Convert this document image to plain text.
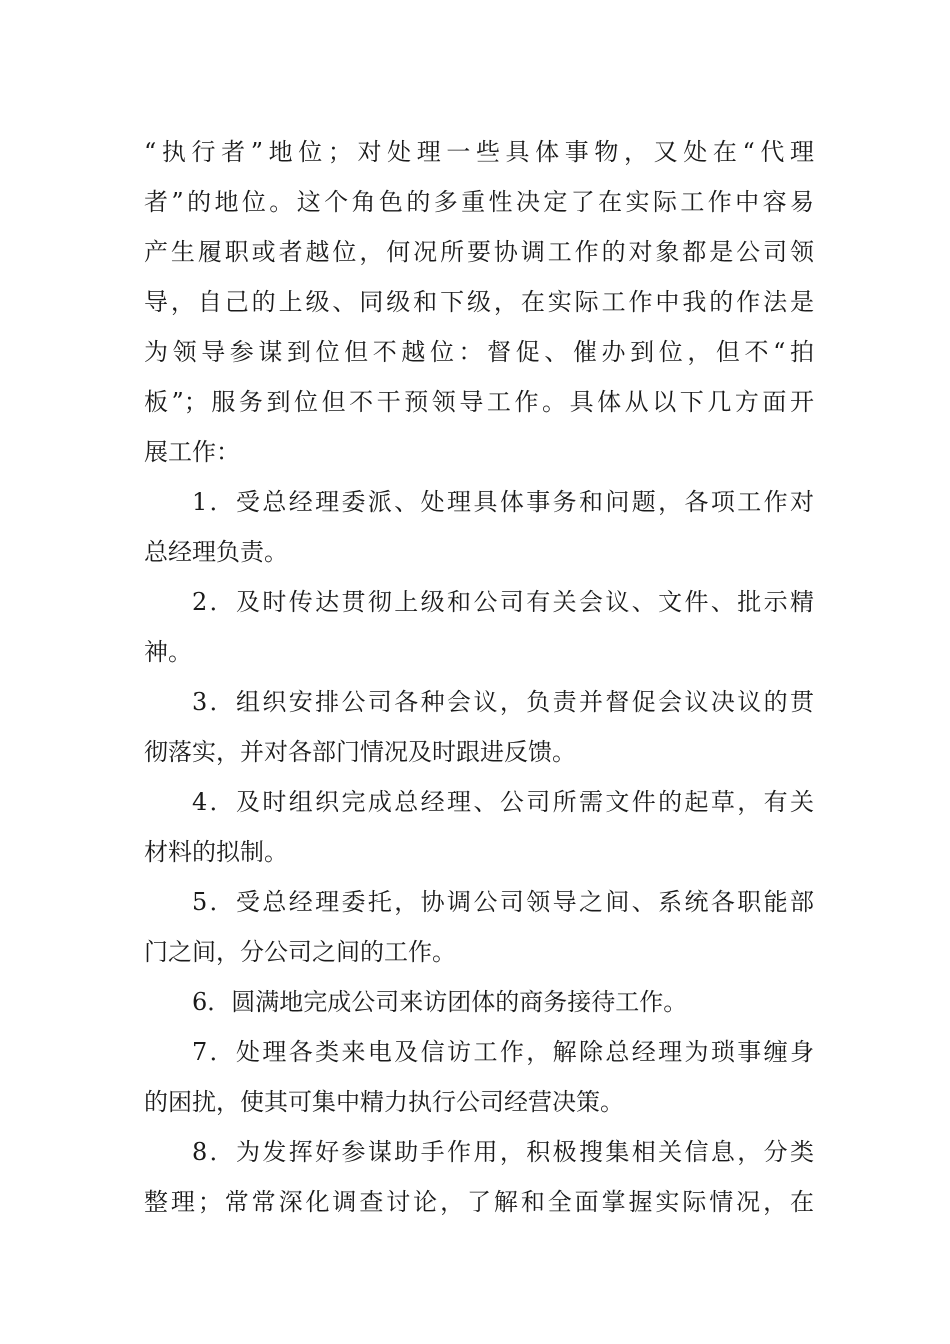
“执行者”地位；对处理一些具体事物，又处在“代理
者”的地位。这个角色的多重性决定了在实际工作中容易
产生履职或者越位，何况所要协调工作的对象都是公司领
导，自己的上级、同级和下级，在实际工作中我的作法是
为领导参谋到位但不越位：督促、催办到位，但不“拍
板”；服务到位但不干预领导工作。具体从以下几方面开
展工作：
1．受总经理委派、处理具体事务和问题，各项工作对
总经理负责。
2．及时传达贯彻上级和公司有关会议、文件、批示精
神。
3．组织安排公司各种会议，负责并督促会议决议的贯
彻落实，并对各部门情况及时跟进反馈。
4．及时组织完成总经理、公司所需文件的起草，有关
材料的拟制。
5．受总经理委托，协调公司领导之间、系统各职能部
门之间，分公司之间的工作。
6．圆满地完成公司来访团体的商务接待工作。
7．处理各类来电及信访工作，解除总经理为琐事缠身
的困扰，使其可集中精力执行公司经营决策。
8．为发挥好参谋助手作用，积极搜集相关信息，分类
整理；常常深化调查讨论，了解和全面掌握实际情况，在
